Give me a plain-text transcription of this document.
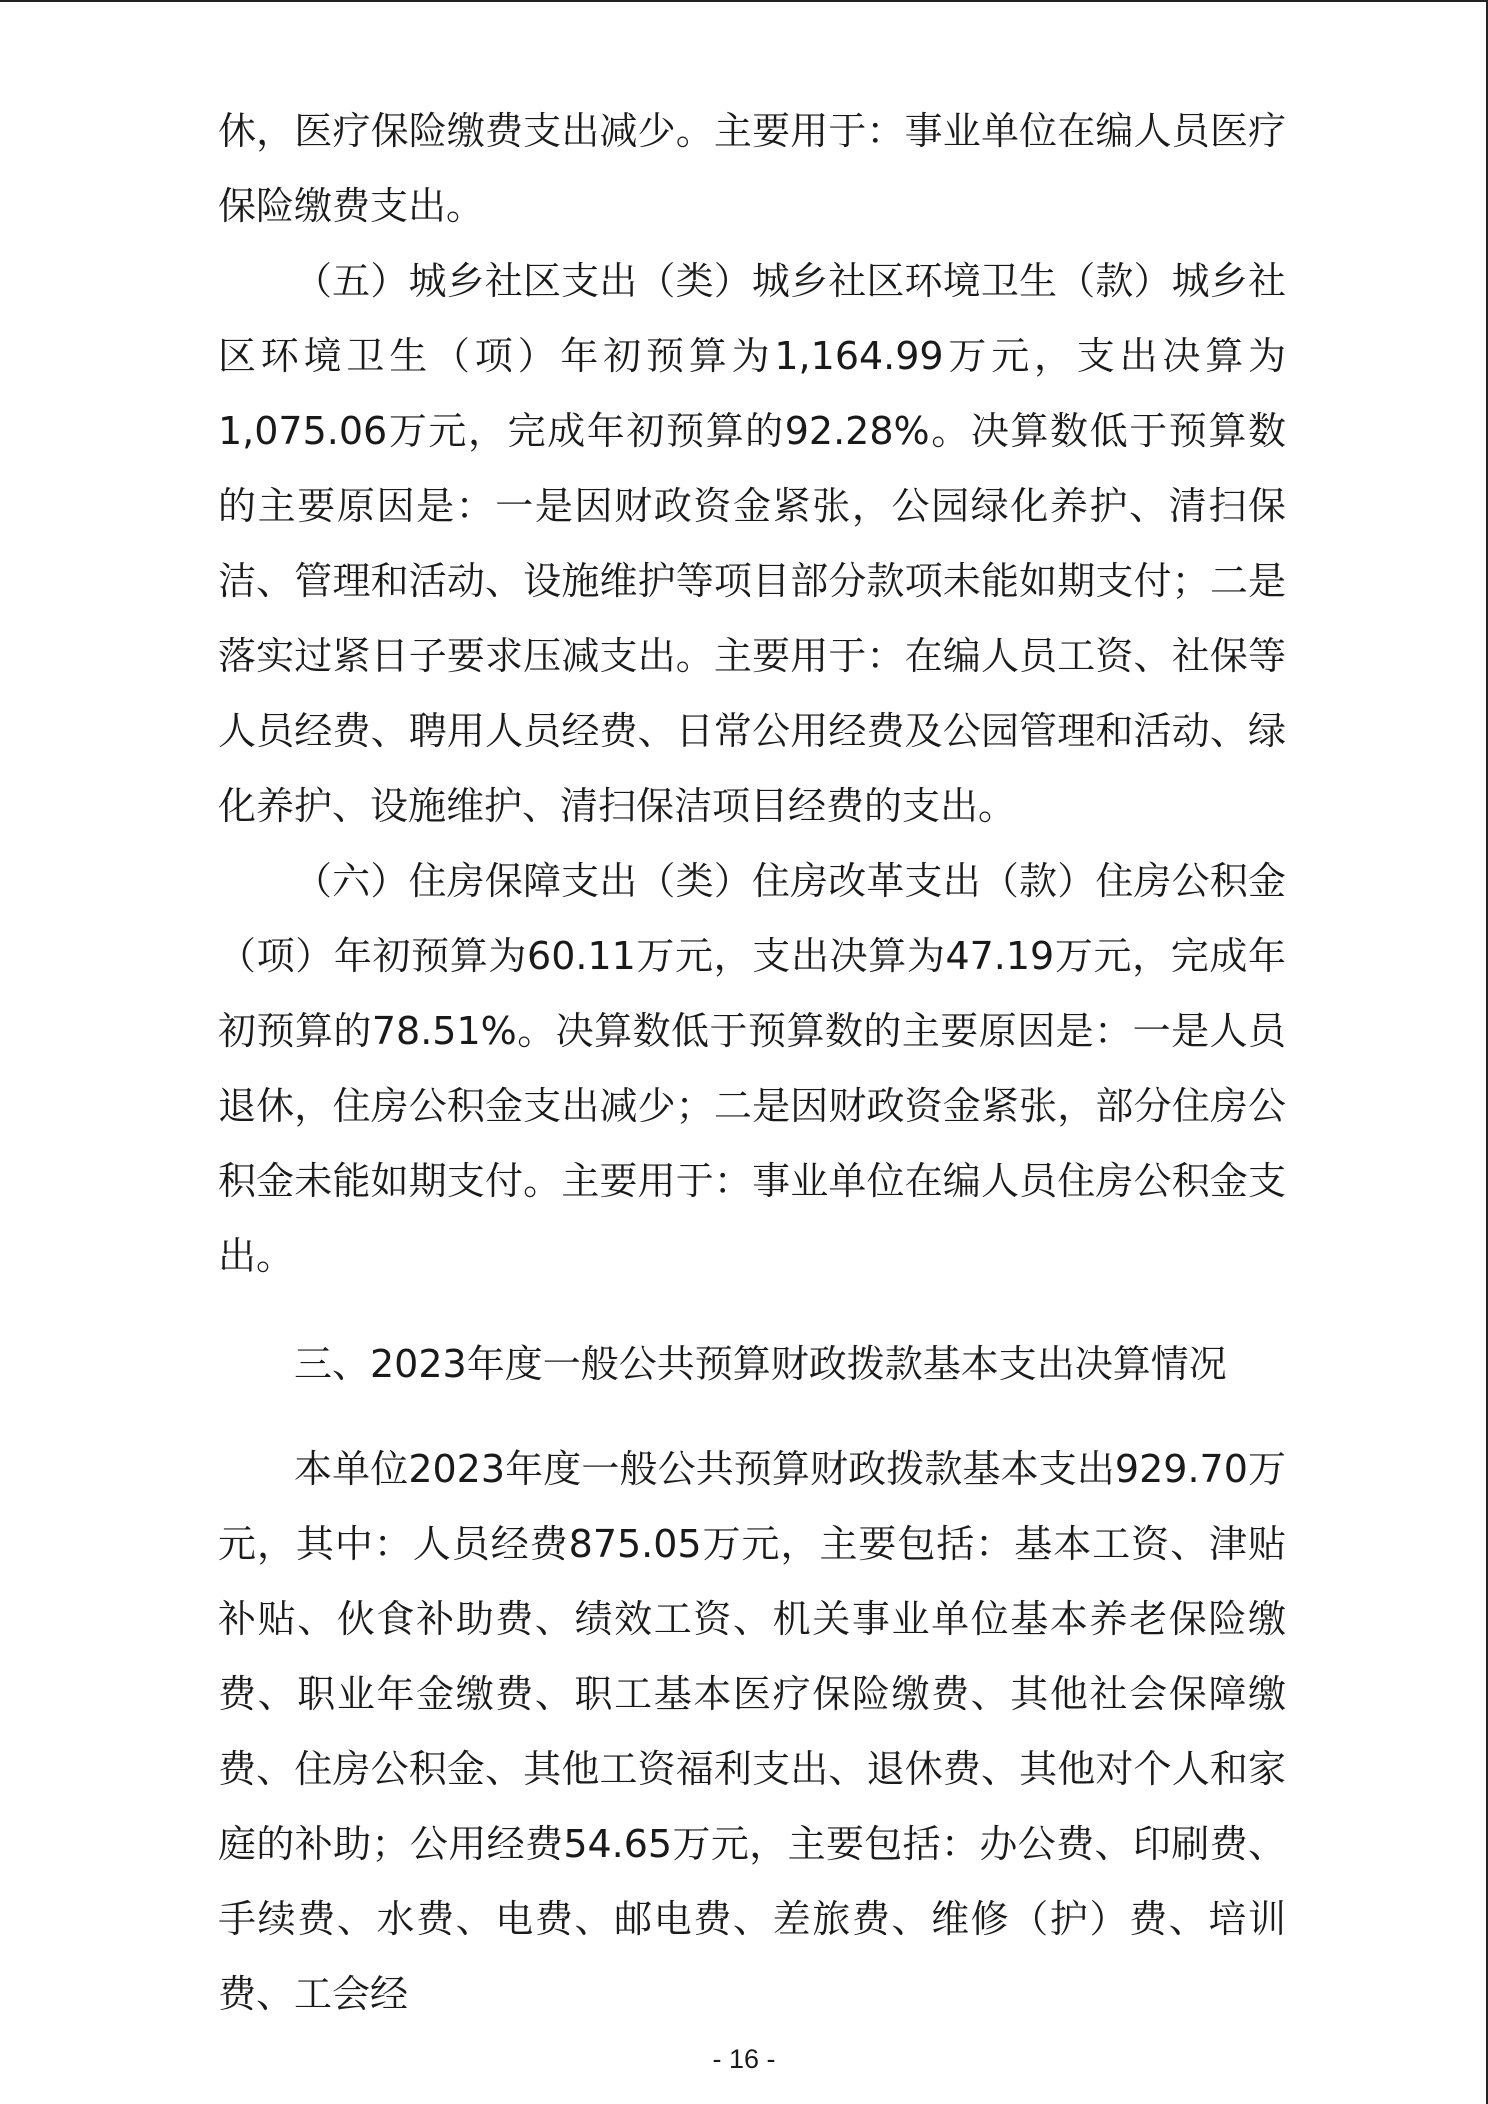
休，医疗保险缴费支出减少。主要用于：事业单位在编人员医疗保险缴费支出。

（五）城乡社区支出（类）城乡社区环境卫生（款）城乡社区环境卫生（项）年初预算为1,164.99万元，支出决算为1,075.06万元，完成年初预算的92.28%。决算数低于预算数的主要原因是：一是因财政资金紧张，公园绿化养护、清扫保洁、管理和活动、设施维护等项目部分款项未能如期支付；二是落实过紧日子要求压减支出。主要用于：在编人员工资、社保等人员经费、聘用人员经费、日常公用经费及公园管理和活动、绿化养护、设施维护、清扫保洁项目经费的支出。

（六）住房保障支出（类）住房改革支出（款）住房公积金（项）年初预算为60.11万元，支出决算为47.19万元，完成年初预算的78.51%。决算数低于预算数的主要原因是：一是人员退休，住房公积金支出减少；二是因财政资金紧张，部分住房公积金未能如期支付。主要用于：事业单位在编人员住房公积金支出。

三、2023年度一般公共预算财政拨款基本支出决算情况

本单位2023年度一般公共预算财政拨款基本支出929.70万元，其中：人员经费875.05万元，主要包括：基本工资、津贴补贴、伙食补助费、绩效工资、机关事业单位基本养老保险缴费、职业年金缴费、职工基本医疗保险缴费、其他社会保障缴费、住房公积金、其他工资福利支出、退休费、其他对个人和家庭的补助；公用经费54.65万元，主要包括：办公费、印刷费、手续费、水费、电费、邮电费、差旅费、维修（护）费、培训费、工会经

- 16 -
